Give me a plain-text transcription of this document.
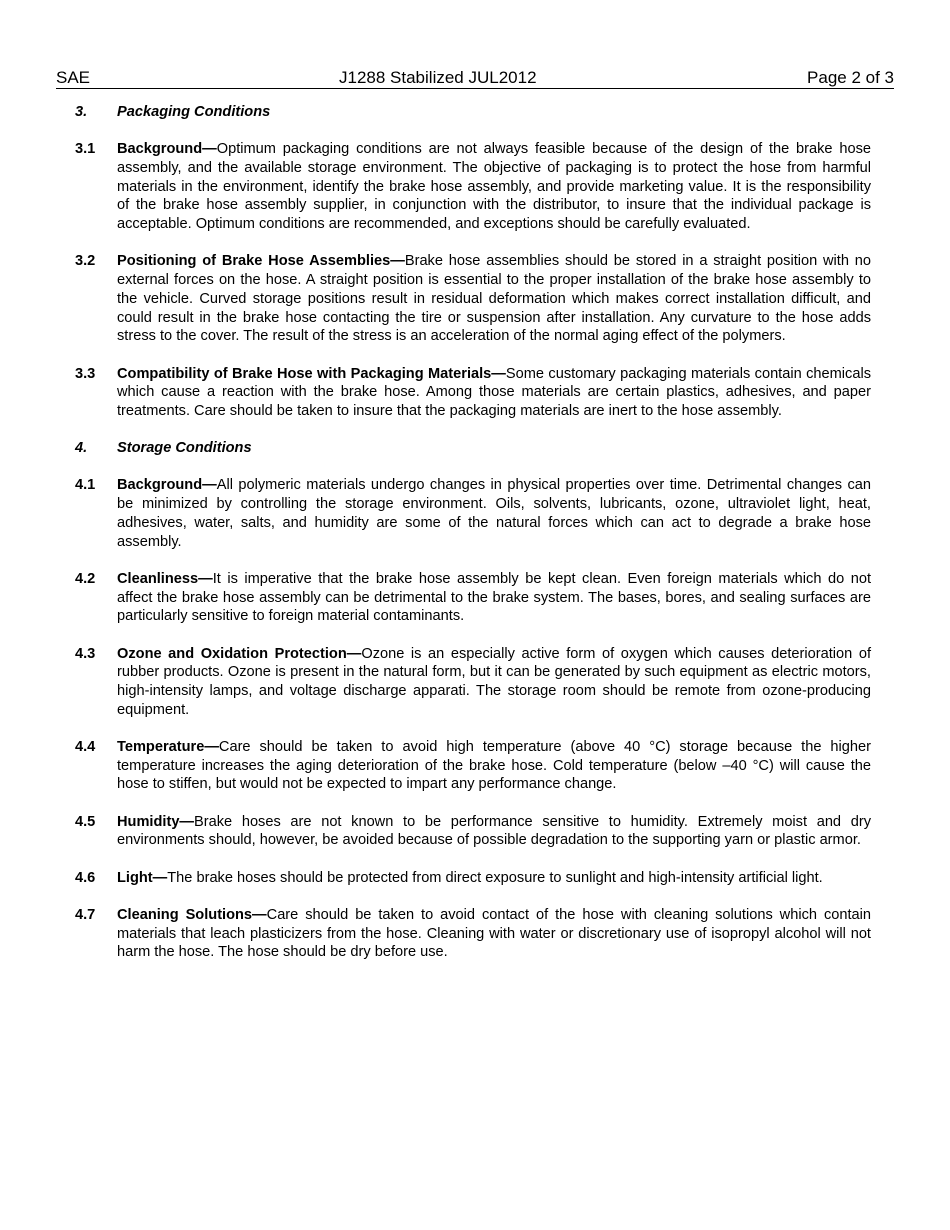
SAE	J1288 Stabilized JUL2012	Page 2 of 3
3. Packaging Conditions
3.1 Background—Optimum packaging conditions are not always feasible because of the design of the brake hose assembly, and the available storage environment. The objective of packaging is to protect the hose from harmful materials in the environment, identify the brake hose assembly, and provide marketing value. It is the responsibility of the brake hose assembly supplier, in conjunction with the distributor, to insure that the individual package is acceptable. Optimum conditions are recommended, and exceptions should be carefully evaluated.
3.2 Positioning of Brake Hose Assemblies—Brake hose assemblies should be stored in a straight position with no external forces on the hose. A straight position is essential to the proper installation of the brake hose assembly to the vehicle. Curved storage positions result in residual deformation which makes correct installation difficult, and could result in the brake hose contacting the tire or suspension after installation. Any curvature to the hose adds stress to the cover. The result of the stress is an acceleration of the normal aging effect of the polymers.
3.3 Compatibility of Brake Hose with Packaging Materials—Some customary packaging materials contain chemicals which cause a reaction with the brake hose. Among those materials are certain plastics, adhesives, and paper treatments. Care should be taken to insure that the packaging materials are inert to the hose assembly.
4. Storage Conditions
4.1 Background—All polymeric materials undergo changes in physical properties over time. Detrimental changes can be minimized by controlling the storage environment. Oils, solvents, lubricants, ozone, ultraviolet light, heat, adhesives, water, salts, and humidity are some of the natural forces which can act to degrade a brake hose assembly.
4.2 Cleanliness—It is imperative that the brake hose assembly be kept clean. Even foreign materials which do not affect the brake hose assembly can be detrimental to the brake system. The bases, bores, and sealing surfaces are particularly sensitive to foreign material contaminants.
4.3 Ozone and Oxidation Protection—Ozone is an especially active form of oxygen which causes deterioration of rubber products. Ozone is present in the natural form, but it can be generated by such equipment as electric motors, high-intensity lamps, and voltage discharge apparati. The storage room should be remote from ozone-producing equipment.
4.4 Temperature—Care should be taken to avoid high temperature (above 40 °C) storage because the higher temperature increases the aging deterioration of the brake hose. Cold temperature (below –40 °C) will cause the hose to stiffen, but would not be expected to impart any performance change.
4.5 Humidity—Brake hoses are not known to be performance sensitive to humidity. Extremely moist and dry environments should, however, be avoided because of possible degradation to the supporting yarn or plastic armor.
4.6 Light—The brake hoses should be protected from direct exposure to sunlight and high-intensity artificial light.
4.7 Cleaning Solutions—Care should be taken to avoid contact of the hose with cleaning solutions which contain materials that leach plasticizers from the hose. Cleaning with water or discretionary use of isopropyl alcohol will not harm the hose. The hose should be dry before use.
